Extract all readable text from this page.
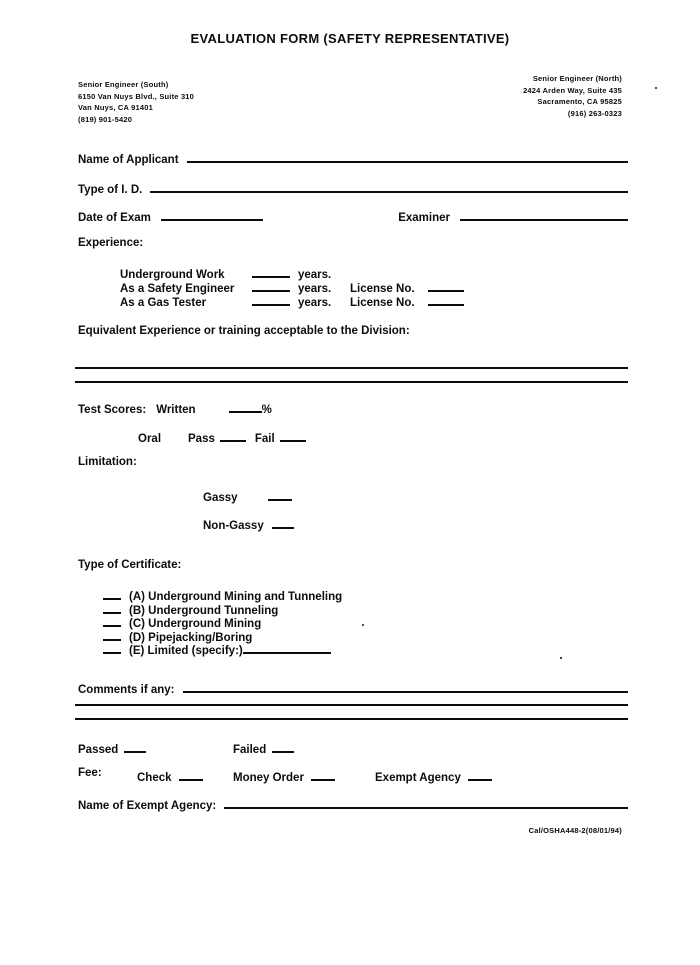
EVALUATION FORM (SAFETY REPRESENTATIVE)
Senior Engineer (South)
6150 Van Nuys Blvd., Suite 310
Van Nuys, CA 91401
(819) 901-5420
Senior Engineer (North)
2424 Arden Way, Suite 435
Sacramento, CA 95825
(916) 263-0323
Name of Applicant
Type of I. D.
Date of Exam	Examiner
Experience:
Underground Work	years.
As a Safety Engineer	years.	License No.
As a Gas Tester	years.	License No.
Equivalent Experience or training acceptable to the Division:
Test Scores: Written	%
Oral Pass	Fail
Limitation:
Gassy
Non-Gassy
Type of Certificate:
(A) Underground Mining and Tunneling
(B) Underground Tunneling
(C) Underground Mining
(D) Pipejacking/Boring
(E) Limited (specify:)
Comments if any:
Passed	Failed
Fee:	Check	Money Order	Exempt Agency
Name of Exempt Agency:
Cal/OSHA448-2(08/01/94)
